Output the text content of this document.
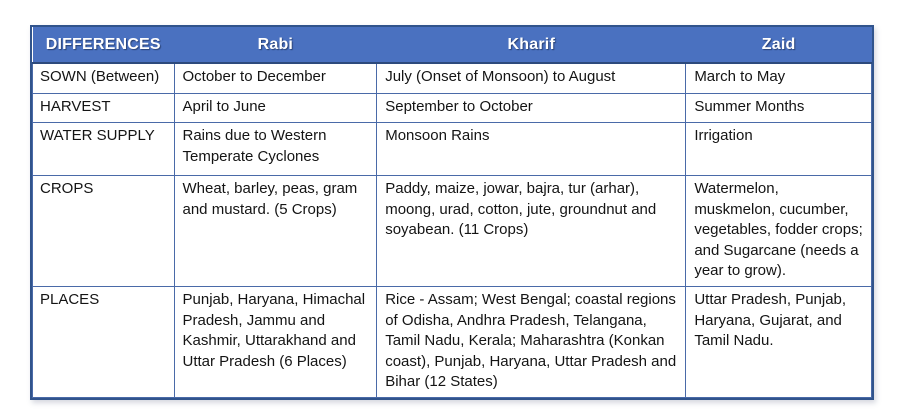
DIFFERENCES	Rabi	Kharif	Zaid
SOWN (Between)	October to December	July (Onset of Monsoon) to August	March to May
HARVEST	April to June	September to October	Summer Months
WATER SUPPLY	Rains due to Western Temperate Cyclones	Monsoon Rains	Irrigation
CROPS	Wheat, barley, peas, gram and mustard. (5 Crops)	Paddy, maize, jowar, bajra, tur (arhar), moong, urad, cotton, jute, groundnut and soyabean. (11 Crops)	Watermelon, muskmelon, cucumber, vegetables, fodder crops; and Sugarcane (needs a year to grow).
PLACES	Punjab, Haryana, Himachal Pradesh, Jammu and Kashmir, Uttarakhand and Uttar Pradesh (6 Places)	Rice - Assam; West Bengal; coastal regions of Odisha, Andhra Pradesh, Telangana, Tamil Nadu, Kerala; Maharashtra (Konkan coast), Punjab, Haryana, Uttar Pradesh and Bihar (12 States)	Uttar Pradesh, Punjab, Haryana, Gujarat, and Tamil Nadu.
